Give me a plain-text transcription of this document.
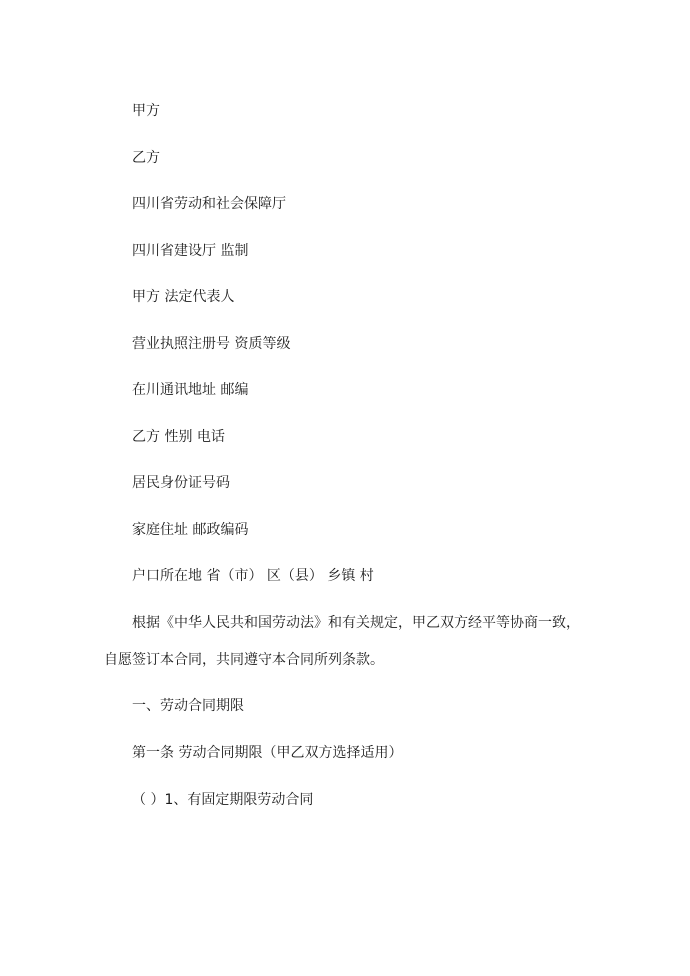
甲方
乙方
四川省劳动和社会保障厅
四川省建设厅 监制
甲方 法定代表人
营业执照注册号 资质等级
在川通讯地址 邮编
乙方 性别 电话
居民身份证号码
家庭住址 邮政编码
户口所在地 省（市） 区（县） 乡镇 村
根据《中华人民共和国劳动法》和有关规定，甲乙双方经平等协商一致，
自愿签订本合同，共同遵守本合同所列条款。
一、劳动合同期限
第一条 劳动合同期限（甲乙双方选择适用）
（ ）1、有固定期限劳动合同
